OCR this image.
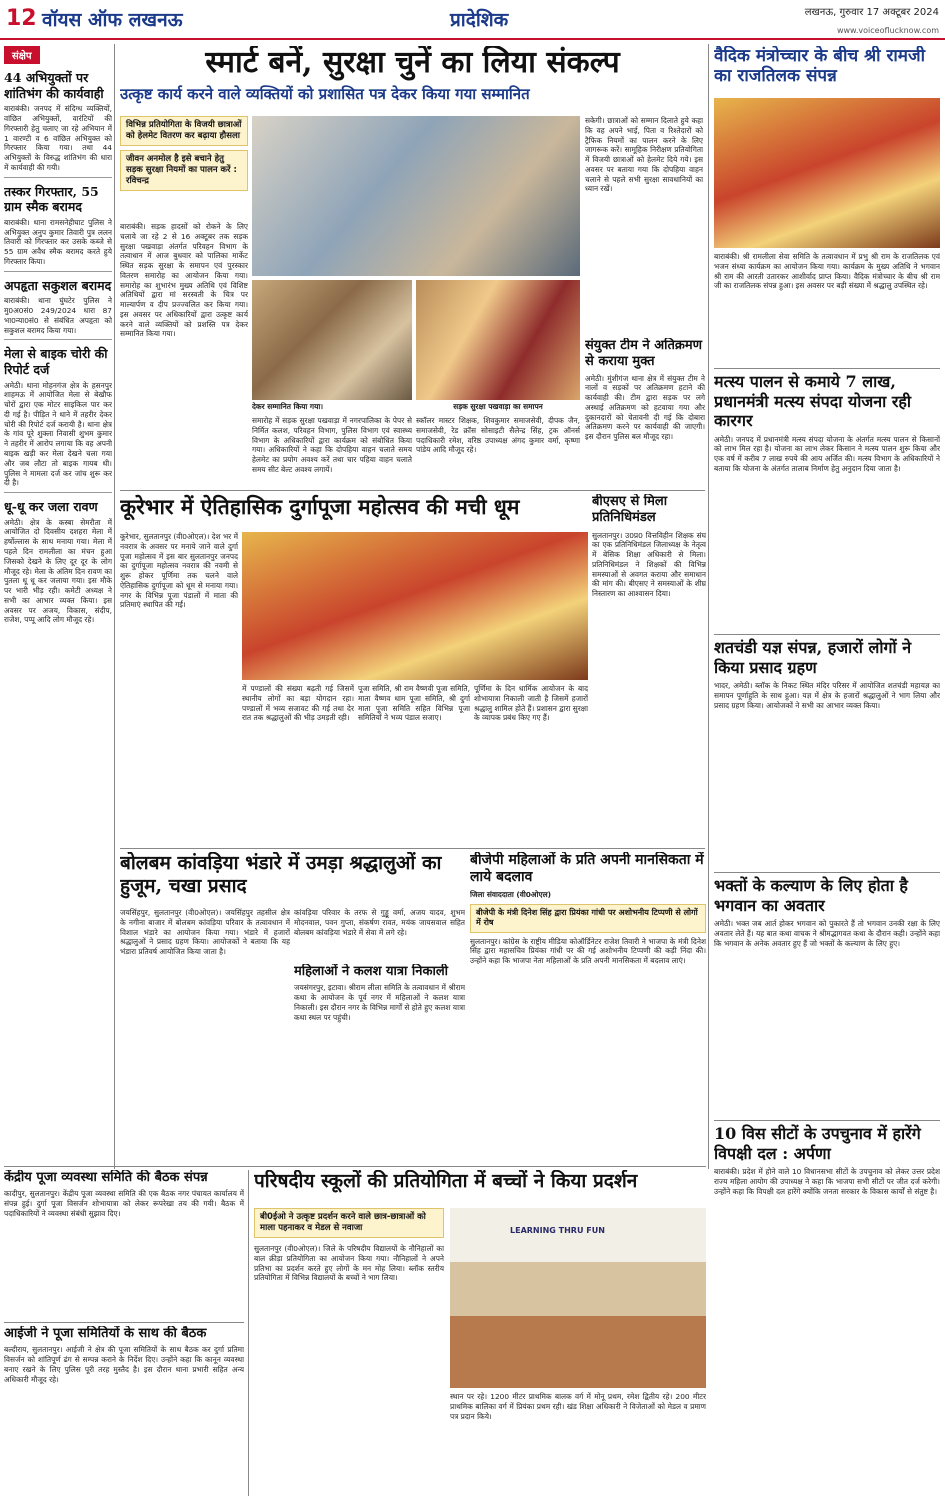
12 वॉयस ऑफ लखनऊ	प्रादेशिक	लखनऊ, गुरुवार 17 अक्टूबर 2024
www.voiceoflucknow.com
संक्षेप
44 अभियुक्तों पर शांतिभंग की कार्यवाही
बाराबंकी। जनपद में संदिग्ध व्यक्तियों, वांछित अभियुक्तों, वारंटियों की गिरफ्तारी हेतु चलाए जा रहे अभियान में 1 वारण्टी व 6 वांछित अभियुक्त को गिरफ्तार किया गया। तथा 44 अभियुक्तों के विरुद्ध शांतिभंग की धारा में कार्यवाही की गयी।
तस्कर गिरफ्तार, 55 ग्राम स्मैक बरामद
बाराबंकी। थाना रामसनेहीघाट पुलिस ने अभियुक्त अनुप कुमार तिवारी पुत्र ललन तिवारी को गिरफ्तार कर उसके कब्जे से 55 ग्राम अवैध स्मैक बरामद करते हुये गिरफ्तार किया।
अपहृता सकुशल बरामद
बाराबंकी। थाना घुंघटेर पुलिस ने मु0अ0सं0 249/2024 धारा 87 भा0न्या0सं0 से संबंधित अपहृता को सकुशल बरामद किया गया।
मेला से बाइक चोरी की रिपोर्ट दर्ज
अमेठी। थाना मोहनगंज क्षेत्र के हसनपुर शाहमऊ में आयोजित मेला से बेखौफ चोरों द्वारा एक मोटर साइकिल पार कर दी गई है। पीड़ित ने थाने में तहरीर देकर चोरी की रिपोर्ट दर्ज करायी है। थाना क्षेत्र के गांव पूरे शुक्ला निवासी शुभम कुमार ने तहरीर में आरोप लगाया कि वह अपनी बाइक खड़ी कर मेला देखने चला गया और जब लौटा तो बाइक गायब थी। पुलिस ने मामला दर्ज कर जांच शुरू कर दी है।
धू-धू कर जला रावण
अमेठी। क्षेत्र के कस्बा सेमरौता में आयोजित दो दिवसीय दशहरा मेला में हर्षोल्लास के साथ मनाया गया। मेला में पहले दिन रामलीला का मंचन हुआ जिसको देखने के लिए दूर दूर के लोग मौजूद रहे। मेला के अंतिम दिन रावण का पुतला धू धू कर जलाया गया। इस मौके पर भारी भीड़ रही। कमेटी अध्यक्ष ने सभी का आभार व्यक्त किया। इस अवसर पर अजय, विकास, संदीप, राजेश, पप्पू आदि लोग मौजूद रहे।
स्मार्ट बनें, सुरक्षा चुनें का लिया संकल्प
उत्कृष्ट कार्य करने वाले व्यक्तियों को प्रशासित पत्र देकर किया गया सम्मानित
विभिन्न प्रतियोगिता के विजयी छात्राओं को हेलमेट वितरण कर बढ़ाया हौसला
जीवन अनमोल है इसे बचाने हेतु सड़क सुरक्षा नियमों का पालन करें : रविचन्द्र
बाराबंकी। सड़क हादसों को रोकने के लिए चलाये जा रहे 2 से 16 अक्टूबर तक सड़क सुरक्षा पखवाड़ा अंतर्गत परिवहन विभाग के तत्वाधान में आज बुधवार को पालिका मार्केट स्थित सड़क सुरक्षा के समापन एवं पुरस्कार वितरण समारोह का आयोजन किया गया। समारोह का शुभारंभ मुख्य अतिथि एवं विशिष्ट अतिथियों द्वारा मां सरस्वती के चित्र पर माल्यार्पण व दीप प्रज्ज्वलित कर किया गया। इस अवसर पर अधिकारियों द्वारा उत्कृष्ट कार्य करने वाले व्यक्तियों को प्रशस्ति पत्र देकर सम्मानित किया गया।
देकर सम्मानित किया गया।	सड़क सुरक्षा पखवाड़ा का समापन
समारोह में सड़क सुरक्षा पखवाड़ा में नगरपालिका के पेपर से निर्मित कलश, परिवहन विभाग, पुलिस विभाग एवं स्वास्थ्य विभाग के अधिकारियों द्वारा कार्यक्रम को संबोधित किया गया। अधिकारियों ने कहा कि दोपहिया वाहन चलाते समय हेलमेट का प्रयोग अवश्य करें तथा चार पहिया वाहन चलाते समय सीट बेल्ट अवश्य लगायें।
स्कॉलर मास्टर शिक्षक, शिवकुमार समाजसेवी, दीपक जैन, समाजसेवी, रेड क्रॉस सोसाइटी सैलेन्द्र सिंह, ट्रक ऑनर्स पदाधिकारी रमेश, वरिष्ठ उपाध्यक्ष अंगद कुमार वर्मा, कृष्णा पांडेय आदि मौजूद रहे।
सकेगी। छात्राओं को सम्मान दिलाते हुये कहा कि वह अपने भाई, पिता व रिश्तेदारों को ट्रैफिक नियमों का पालन करने के लिए जागरूक करें। सामूहिक निरीक्षण प्रतियोगिता में विजयी छात्राओं को हेलमेट दिये गये। इस अवसर पर बताया गया कि दोपहिया वाहन चलाने से पहले सभी सुरक्षा सावधानियों का ध्यान रखें।
संयुक्त टीम ने अतिक्रमण से कराया मुक्त
अमेठी। मुंशीगंज थाना क्षेत्र में संयुक्त टीम ने नालों व सड़कों पर अतिक्रमण हटाने की कार्यवाही की। टीम द्वारा सड़क पर लगे अस्थाई अतिक्रमण को हटवाया गया और दुकानदारों को चेतावनी दी गई कि दोबारा अतिक्रमण करने पर कार्यवाही की जाएगी। इस दौरान पुलिस बल मौजूद रहा।
वैदिक मंत्रोच्चार के बीच श्री रामजी का राजतिलक संपन्न
बाराबंकी। श्री रामलीला सेवा समिति के तत्वावधान में प्रभु श्री राम के राजतिलक एवं भजन संध्या कार्यक्रम का आयोजन किया गया। कार्यक्रम के मुख्य अतिथि ने भगवान श्री राम की आरती उतारकर आशीर्वाद प्राप्त किया। वैदिक मंत्रोच्चार के बीच श्री राम जी का राजतिलक संपन्न हुआ। इस अवसर पर बड़ी संख्या में श्रद्धालु उपस्थित रहे।
मत्स्य पालन से कमाये 7 लाख, प्रधानमंत्री मत्स्य संपदा योजना रही कारगर
अमेठी। जनपद में प्रधानमंत्री मत्स्य संपदा योजना के अंतर्गत मत्स्य पालन से किसानों को लाभ मिल रहा है। योजना का लाभ लेकर किसान ने मत्स्य पालन शुरू किया और एक वर्ष में करीब 7 लाख रुपये की आय अर्जित की। मत्स्य विभाग के अधिकारियों ने बताया कि योजना के अंतर्गत तालाब निर्माण हेतु अनुदान दिया जाता है।
शतचंडी यज्ञ संपन्न, हजारों लोगों ने किया प्रसाद ग्रहण
भादर, अमेठी। ब्लॉक के निकट स्थित मंदिर परिसर में आयोजित शतचंडी महायज्ञ का समापन पूर्णाहुति के साथ हुआ। यज्ञ में क्षेत्र के हजारों श्रद्धालुओं ने भाग लिया और प्रसाद ग्रहण किया। आयोजकों ने सभी का आभार व्यक्त किया।
भक्तों के कल्याण के लिए होता है भगवान का अवतार
अमेठी। भक्त जब आर्त होकर भगवान को पुकारते हैं तो भगवान उनकी रक्षा के लिए अवतार लेते हैं। यह बात कथा वाचक ने श्रीमद्भागवत कथा के दौरान कही। उन्होंने कहा कि भगवान के अनेक अवतार हुए हैं जो भक्तों के कल्याण के लिए हुए।
10 विस सीटों के उपचुनाव में हारेंगे विपक्षी दल : अर्पणा
बाराबंकी। प्रदेश में होने वाले 10 विधानसभा सीटों के उपचुनाव को लेकर उत्तर प्रदेश राज्य महिला आयोग की उपाध्यक्ष ने कहा कि भाजपा सभी सीटों पर जीत दर्ज करेगी। उन्होंने कहा कि विपक्षी दल हारेंगे क्योंकि जनता सरकार के विकास कार्यों से संतुष्ट है।
कूरेभार में ऐतिहासिक दुर्गापूजा महोत्सव की मची धूम
कूरेभार, सुलतानपुर (वी0ओएल)। देश भर में नवरात्र के अवसर पर मनाये जाने वाले दुर्गा पूजा महोत्सव में इस बार सुलतानपुर जनपद का दुर्गापूजा महोत्सव नवरात्र की नवमी से शुरू होकर पूर्णिमा तक चलने वाले ऐतिहासिक दुर्गापूजा को धूम से मनाया गया। नगर के विभिन्न पूजा पंडालों में माता की प्रतिमाएं स्थापित की गईं।
में पण्डालों की संख्या बढ़ती गई जिसमें स्थानीय लोगों का बड़ा योगदान रहा। पण्डालों में भव्य सजावट की गई तथा देर रात तक श्रद्धालुओं की भीड़ उमड़ती रही।
पूजा समिति, श्री राम वैष्णवी पूजा समिति, माता वैष्णव धाम पूजा समिति, श्री दुर्गा माता पूजा समिति सहित विभिन्न पूजा समितियों ने भव्य पंडाल सजाए।
पूर्णिमा के दिन धार्मिक आयोजन के बाद शोभायात्रा निकाली जाती है जिसमें हजारों श्रद्धालु शामिल होते हैं। प्रशासन द्वारा सुरक्षा के व्यापक प्रबंध किए गए हैं।
बीएसए से मिला प्रतिनिधिमंडल
सुलतानपुर। उ0प्र0 वित्तविहीन शिक्षक संघ का एक प्रतिनिधिमंडल जिलाध्यक्ष के नेतृत्व में बेसिक शिक्षा अधिकारी से मिला। प्रतिनिधिमंडल ने शिक्षकों की विभिन्न समस्याओं से अवगत कराया और समाधान की मांग की। बीएसए ने समस्याओं के शीघ्र निस्तारण का आश्वासन दिया।
बोलबम कांवड़िया भंडारे में उमड़ा श्रद्धालुओं का हुजूम, चखा प्रसाद
जयसिंहपुर, सुलतानपुर (वी0ओएल)। जयसिंहपुर तहसील क्षेत्र के नगीना बाजार में बोलबम कांवड़िया परिवार के तत्वावधान में विशाल भंडारे का आयोजन किया गया। भंडारे में हजारों श्रद्धालुओं ने प्रसाद ग्रहण किया। आयोजकों ने बताया कि यह भंडारा प्रतिवर्ष आयोजित किया जाता है।
कांवड़िया परिवार के तरफ से गुड्डू वर्मा, अजय यादव, शुभम मोदनवाल, पवन गुप्ता, संकर्षण रावत, मयंक जायसवाल सहित बोलबम कांवड़िया भंडारे में सेवा में लगे रहे।
महिलाओं ने कलश यात्रा निकाली
जयसंगरपुर, इटावा। श्रीराम लीला समिति के तत्वावधान में श्रीराम कथा के आयोजन के पूर्व नगर में महिलाओं ने कलश यात्रा निकाली। इस दौरान नगर के विभिन्न मार्गों से होते हुए कलश यात्रा कथा स्थल पर पहुंची।
बीजेपी महिलाओं के प्रति अपनी मानसिकता में लाये बदलाव
जिला संवाददाता (वी0ओएल)
बीजेपी के मंत्री दिनेश सिंह द्वारा प्रियंका गांधी पर अशोभनीय टिप्पणी से लोगों में रोष
सुलतानपुर। कांग्रेस के राष्ट्रीय मीडिया कोऑर्डिनेटर राजेश तिवारी ने भाजपा के मंत्री दिनेश सिंह द्वारा महासचिव प्रियंका गांधी पर की गई अशोभनीय टिप्पणी की कड़ी निंदा की। उन्होंने कहा कि भाजपा नेता महिलाओं के प्रति अपनी मानसिकता में बदलाव लाएं।
केंद्रीय पूजा व्यवस्था समिति की बैठक संपन्न
कादीपुर, सुलतानपुर। केंद्रीय पूजा व्यवस्था समिति की एक बैठक नगर पंचायत कार्यालय में संपन्न हुई। दुर्गा पूजा विसर्जन शोभायात्रा को लेकर रूपरेखा तय की गयी। बैठक में पदाधिकारियों ने व्यवस्था संबंधी सुझाव दिए।
आईजी ने पूजा समितियों के साथ की बैठक
बल्दीराय, सुलतानपुर। आईजी ने क्षेत्र की पूजा समितियों के साथ बैठक कर दुर्गा प्रतिमा विसर्जन को शांतिपूर्ण ढंग से सम्पन्न कराने के निर्देश दिए। उन्होंने कहा कि कानून व्यवस्था बनाए रखने के लिए पुलिस पूरी तरह मुस्तैद है। इस दौरान थाना प्रभारी सहित अन्य अधिकारी मौजूद रहे।
परिषदीय स्कूलों की प्रतियोगिता में बच्चों ने किया प्रदर्शन
बी0ईओ ने उत्कृष्ट प्रदर्शन करने वाले छात्र-छात्राओं को माला पहनाकर व मेडल से नवाजा
सुलतानपुर (वी0ओएल)। जिले के परिषदीय विद्यालयों के नौनिहालों का बाल क्रीड़ा प्रतियोगिता का आयोजन किया गया। नौनिहालों ने अपने प्रतिभा का प्रदर्शन करते हुए लोगों के मन मोह लिया। ब्लॉक स्तरीय प्रतियोगिता में विभिन्न विद्यालयों के बच्चों ने भाग लिया।
LEARNING THRU FUN
स्थान पर रहे। 1200 मीटर प्राथमिक बालक वर्ग में मोनू प्रथम, रमेश द्वितीय रहे। 200 मीटर प्राथमिक बालिका वर्ग में प्रियंका प्रथम रही। खंड शिक्षा अधिकारी ने विजेताओं को मेडल व प्रमाण पत्र प्रदान किये।
